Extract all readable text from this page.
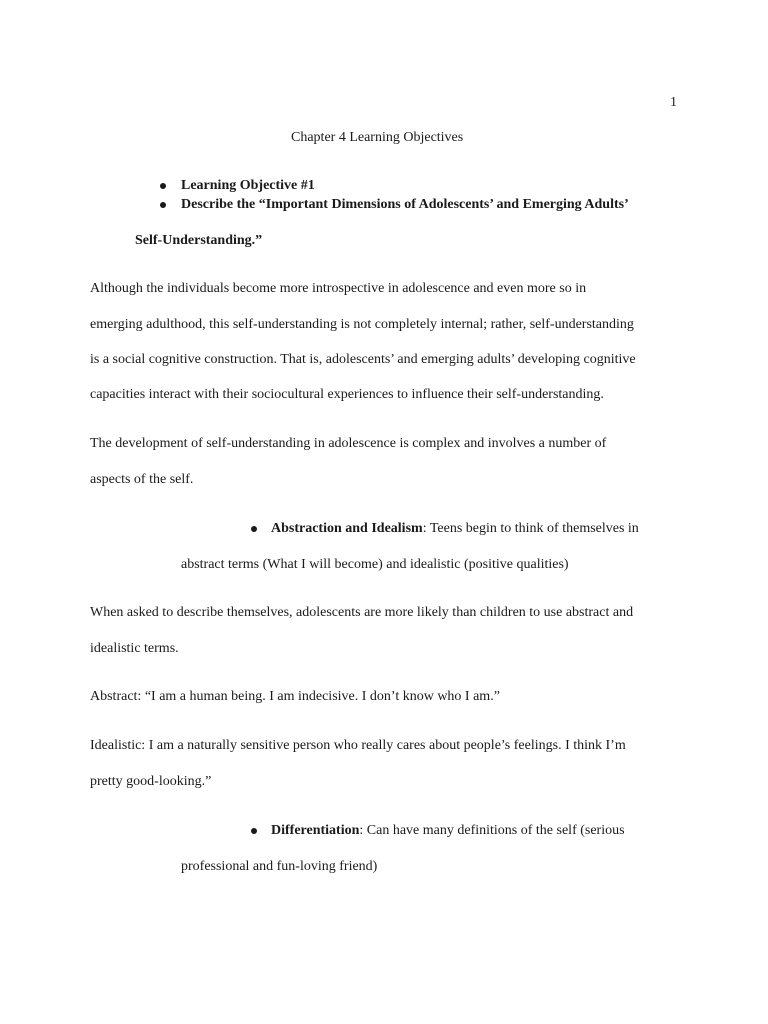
1
Chapter 4 Learning Objectives
Learning Objective #1
Describe the “Important Dimensions of Adolescents’ and Emerging Adults’
Self-Understanding.”
Although the individuals become more introspective in adolescence and even more so in
emerging adulthood, this self-understanding is not completely internal; rather, self-understanding
is a social cognitive construction. That is, adolescents’ and emerging adults’ developing cognitive
capacities interact with their sociocultural experiences to influence their self-understanding.
The development of self-understanding in adolescence is complex and involves a number of
aspects of the self.
Abstraction and Idealism: Teens begin to think of themselves in
abstract terms (What I will become) and idealistic (positive qualities)
When asked to describe themselves, adolescents are more likely than children to use abstract and
idealistic terms.
Abstract: “I am a human being. I am indecisive. I don’t know who I am.”
Idealistic: I am a naturally sensitive person who really cares about people’s feelings. I think I’m
pretty good-looking.”
Differentiation: Can have many definitions of the self (serious
professional and fun-loving friend)
